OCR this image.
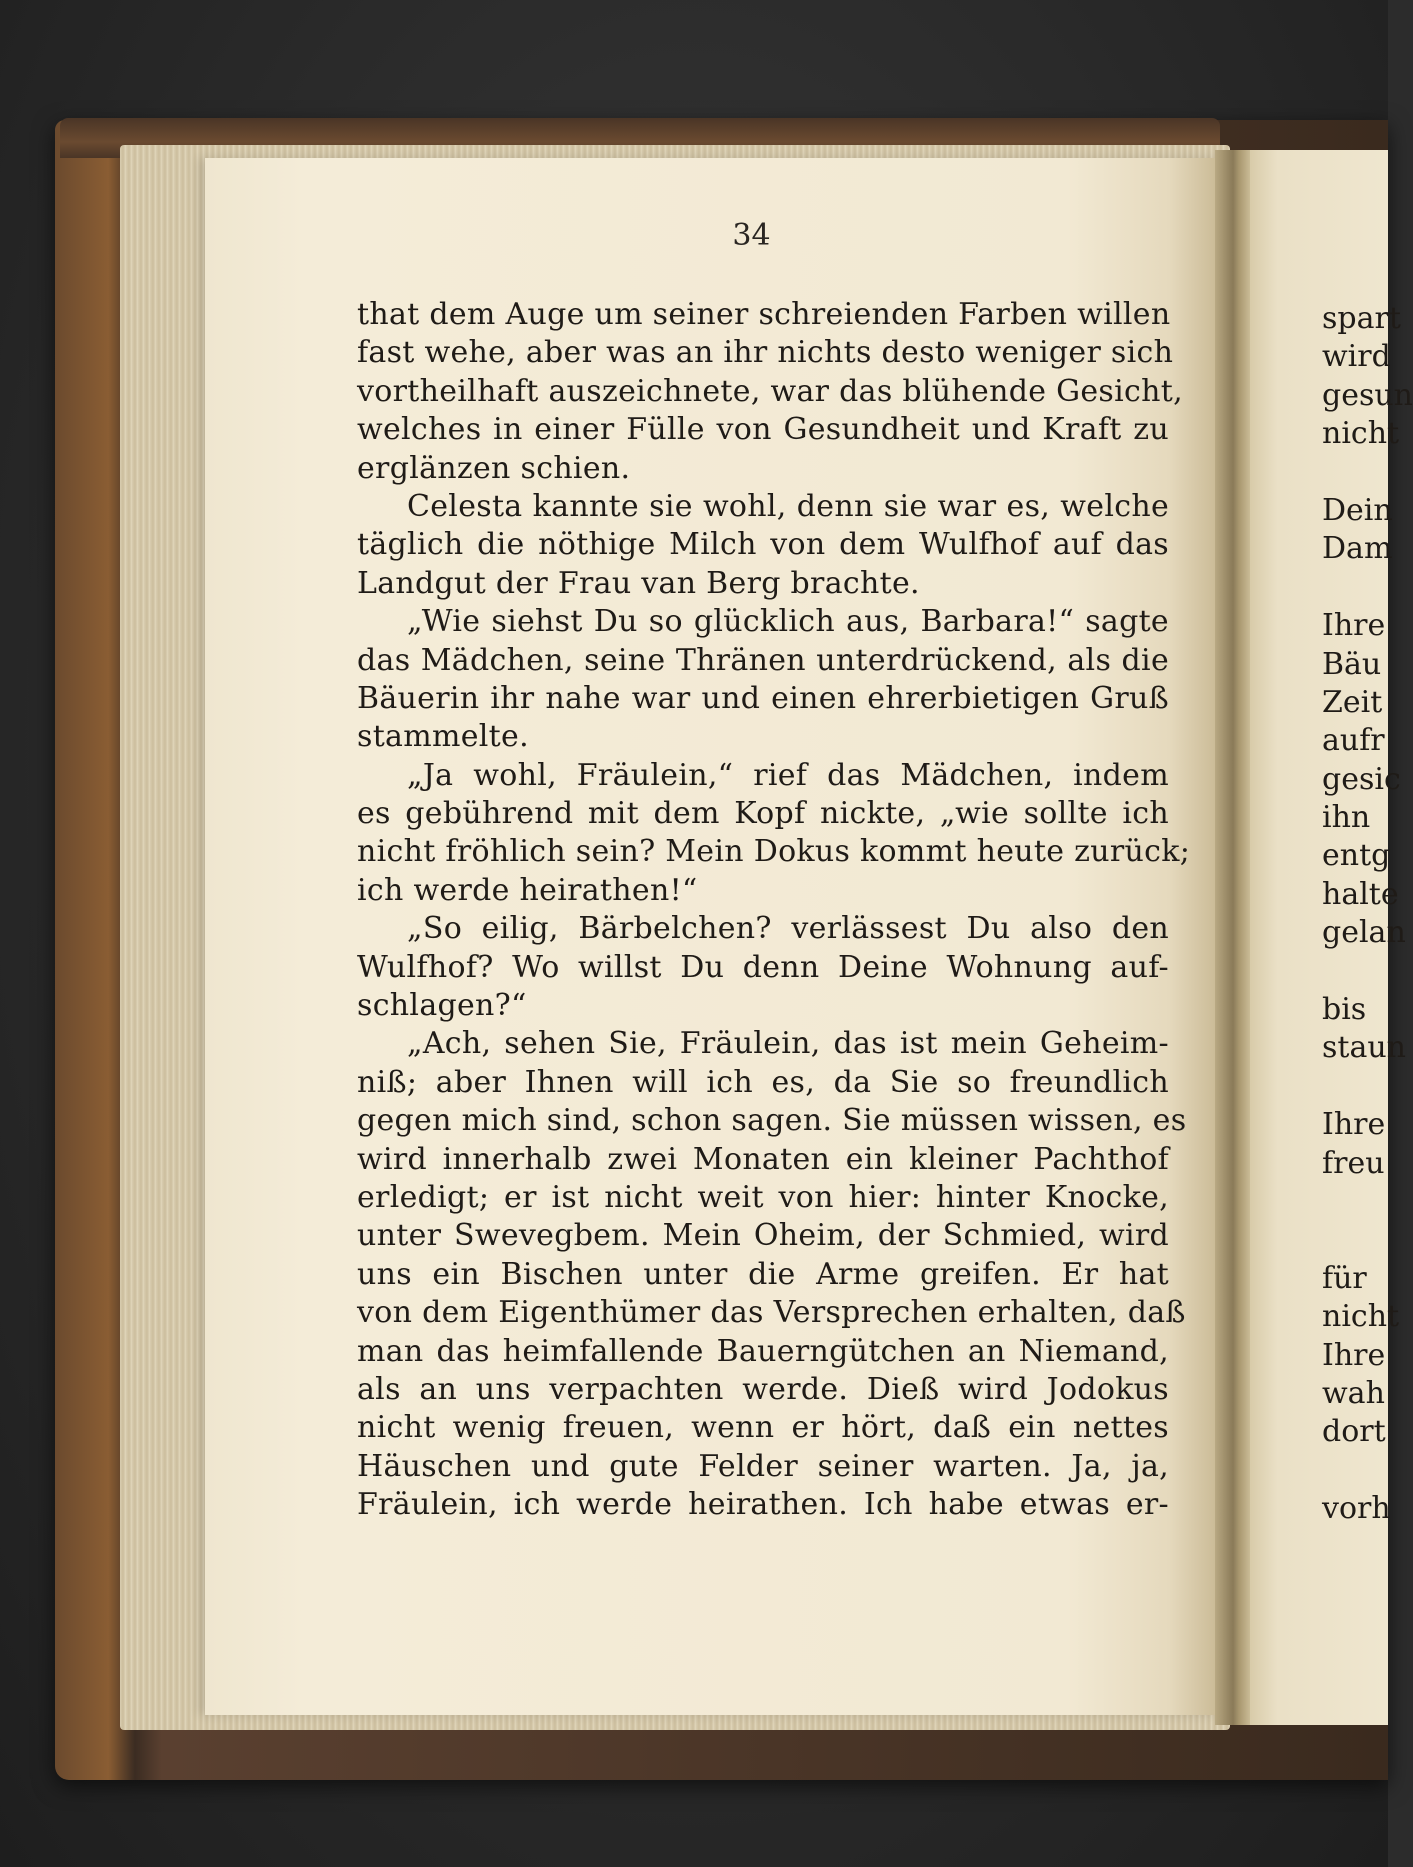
34

that dem Auge um seiner schreienden Farben willen
fast wehe, aber was an ihr nichts desto weniger sich
vortheilhaft auszeichnete, war das blühende Gesicht,
welches in einer Fülle von Gesundheit und Kraft zu
erglänzen schien.
Celesta kannte sie wohl, denn sie war es, welche
täglich die nöthige Milch von dem Wulfhof auf das
Landgut der Frau van Berg brachte.
„Wie siehst Du so glücklich aus, Barbara!“ sagte
das Mädchen, seine Thränen unterdrückend, als die
Bäuerin ihr nahe war und einen ehrerbietigen Gruß
stammelte.
„Ja wohl, Fräulein,“ rief das Mädchen, indem
es gebührend mit dem Kopf nickte, „wie sollte ich
nicht fröhlich sein? Mein Dokus kommt heute zurück;
ich werde heirathen!“
„So eilig, Bärbelchen? verlässest Du also den
Wulfhof? Wo willst Du denn Deine Wohnung auf-
schlagen?“
„Ach, sehen Sie, Fräulein, das ist mein Geheim-
niß; aber Ihnen will ich es, da Sie so freundlich
gegen mich sind, schon sagen. Sie müssen wissen, es
wird innerhalb zwei Monaten ein kleiner Pachthof
erledigt; er ist nicht weit von hier: hinter Knocke,
unter Swevegbem. Mein Oheim, der Schmied, wird
uns ein Bischen unter die Arme greifen. Er hat
von dem Eigenthümer das Versprechen erhalten, daß
man das heimfallende Bauerngütchen an Niemand,
als an uns verpachten werde. Dieß wird Jodokus
nicht wenig freuen, wenn er hört, daß ein nettes
Häuschen und gute Felder seiner warten. Ja, ja,
Fräulein, ich werde heirathen. Ich habe etwas er-
spart
wird
gesun
nicht
Dein
Dam
Ihre
Bäu
Zeit
aufr
gesic
ihn
entg
halte
gelan
bis
staun
Ihre
freu
für
nicht
Ihre
wah
dort
vorh
